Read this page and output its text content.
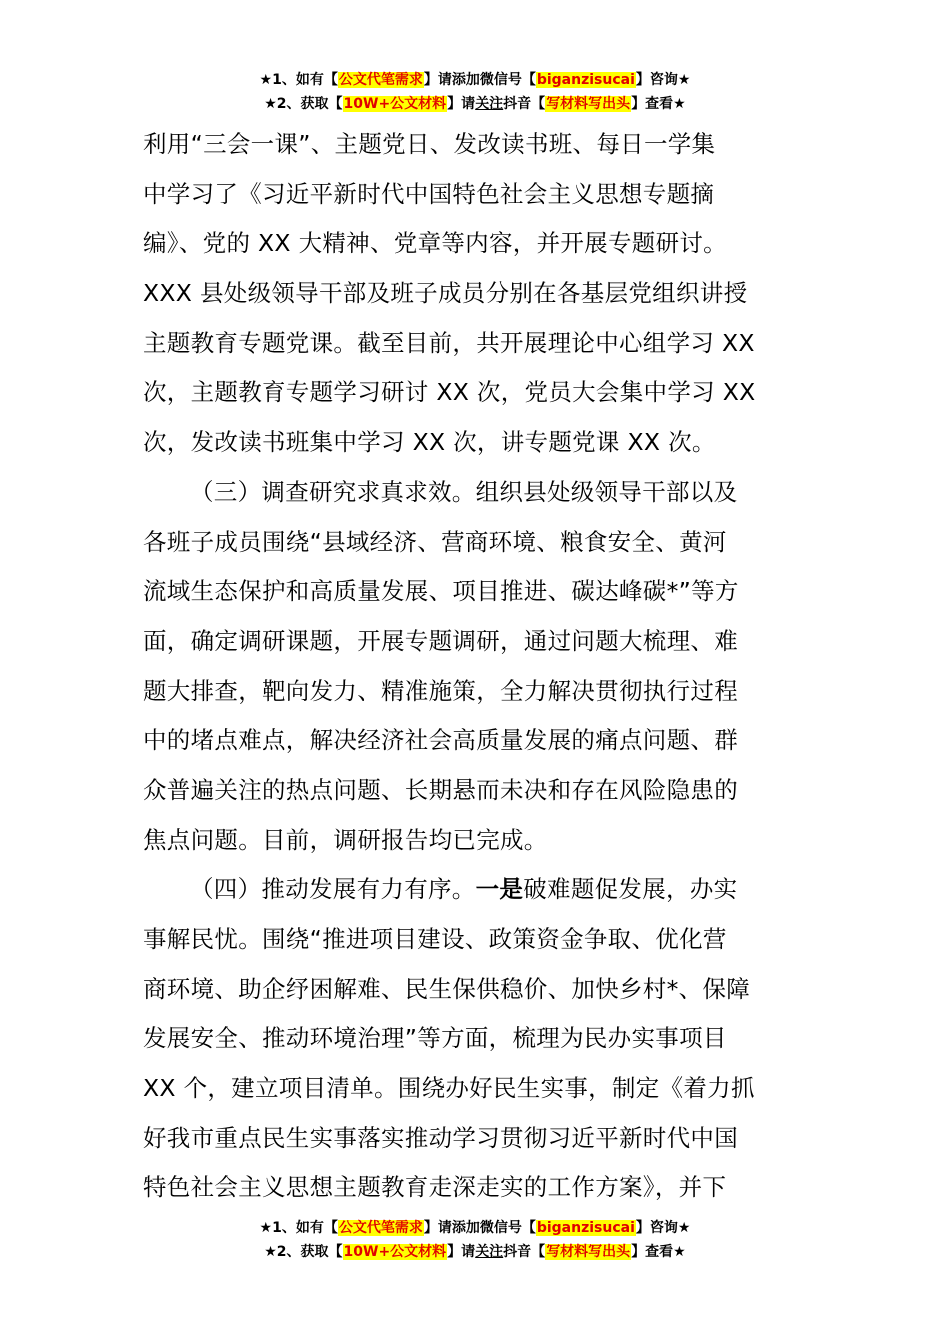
★1、如有【公文代笔需求】请添加微信号【biganzisucai】咨询★
★2、获取【10W+公文材料】请关注抖音【写材料写出头】查看★
利用“三会一课”、主题党日、发改读书班、每日一学集
中学习了《习近平新时代中国特色社会主义思想专题摘
编》、党的 XX 大精神、党章等内容，并开展专题研讨。
XXX 县处级领导干部及班子成员分别在各基层党组织讲授
主题教育专题党课。截至目前，共开展理论中心组学习 XX
次，主题教育专题学习研讨 XX 次，党员大会集中学习 XX
次，发改读书班集中学习 XX 次，讲专题党课 XX 次。
（三）调查研究求真求效。组织县处级领导干部以及
各班子成员围绕“县域经济、营商环境、粮食安全、黄河
流域生态保护和高质量发展、项目推进、碳达峰碳*”等方
面，确定调研课题，开展专题调研，通过问题大梳理、难
题大排查，靶向发力、精准施策，全力解决贯彻执行过程
中的堵点难点，解决经济社会高质量发展的痛点问题、群
众普遍关注的热点问题、长期悬而未决和存在风险隐患的
焦点问题。目前，调研报告均已完成。
（四）推动发展有力有序。一是破难题促发展，办实
事解民忧。围绕“推进项目建设、政策资金争取、优化营
商环境、助企纾困解难、民生保供稳价、加快乡村*、保障
发展安全、推动环境治理”等方面，梳理为民办实事项目
XX 个，建立项目清单。围绕办好民生实事，制定《着力抓
好我市重点民生实事落实推动学习贯彻习近平新时代中国
特色社会主义思想主题教育走深走实的工作方案》，并下
★1、如有【公文代笔需求】请添加微信号【biganzisucai】咨询★
★2、获取【10W+公文材料】请关注抖音【写材料写出头】查看★
